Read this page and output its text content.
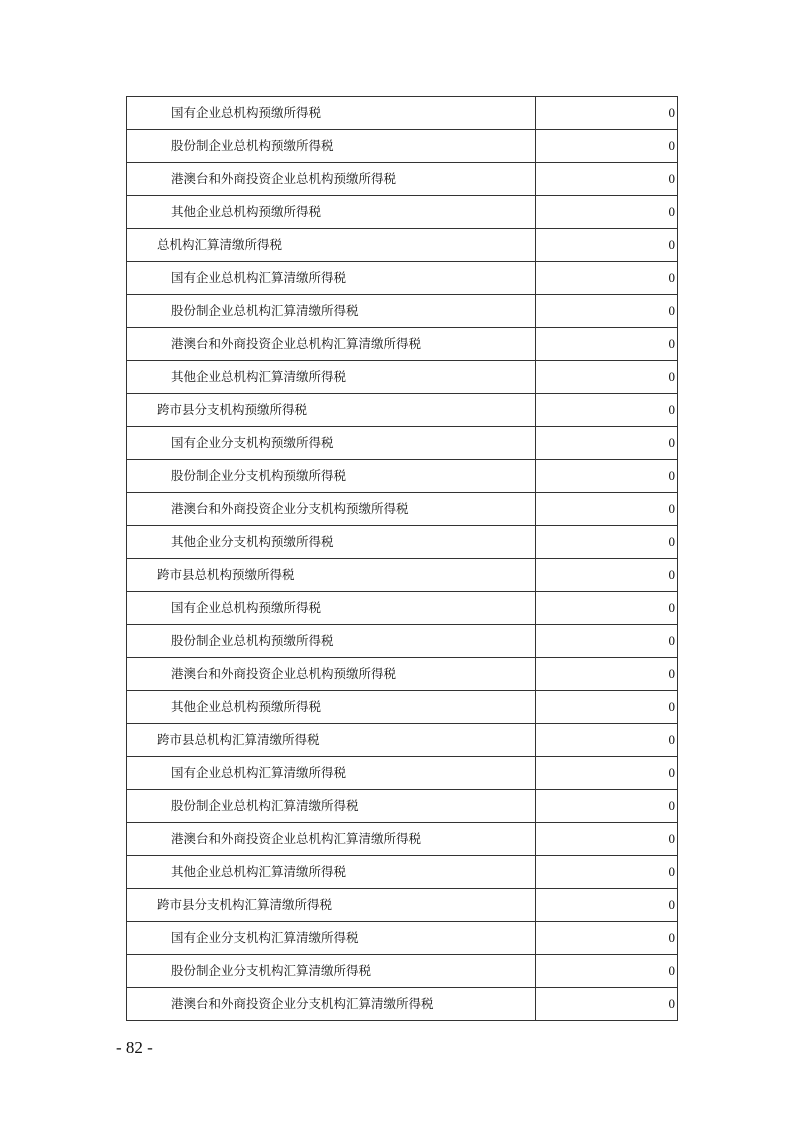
国有企业总机构预缴所得税	0
股份制企业总机构预缴所得税	0
港澳台和外商投资企业总机构预缴所得税	0
其他企业总机构预缴所得税	0
总机构汇算清缴所得税	0
国有企业总机构汇算清缴所得税	0
股份制企业总机构汇算清缴所得税	0
港澳台和外商投资企业总机构汇算清缴所得税	0
其他企业总机构汇算清缴所得税	0
跨市县分支机构预缴所得税	0
国有企业分支机构预缴所得税	0
股份制企业分支机构预缴所得税	0
港澳台和外商投资企业分支机构预缴所得税	0
其他企业分支机构预缴所得税	0
跨市县总机构预缴所得税	0
国有企业总机构预缴所得税	0
股份制企业总机构预缴所得税	0
港澳台和外商投资企业总机构预缴所得税	0
其他企业总机构预缴所得税	0
跨市县总机构汇算清缴所得税	0
国有企业总机构汇算清缴所得税	0
股份制企业总机构汇算清缴所得税	0
港澳台和外商投资企业总机构汇算清缴所得税	0
其他企业总机构汇算清缴所得税	0
跨市县分支机构汇算清缴所得税	0
国有企业分支机构汇算清缴所得税	0
股份制企业分支机构汇算清缴所得税	0
港澳台和外商投资企业分支机构汇算清缴所得税	0
- 82 -
